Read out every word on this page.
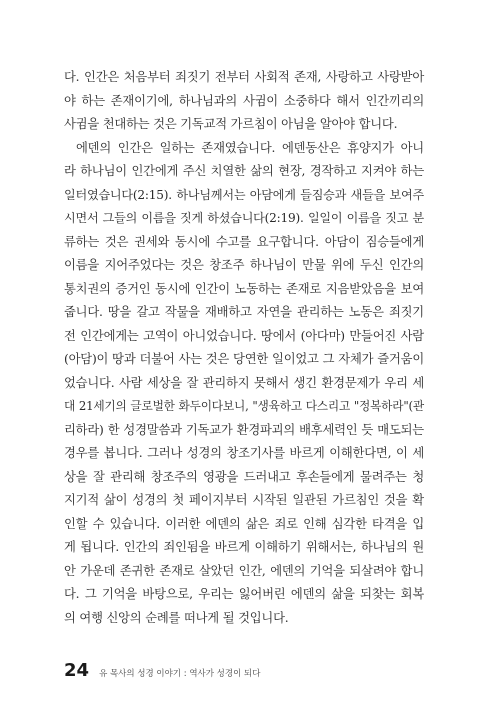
다. 인간은 처음부터 죄짓기 전부터 사회적 존재, 사랑하고 사랑받아
야 하는 존재이기에, 하나님과의 사귐이 소중하다 해서 인간끼리의
사귐을 천대하는 것은 기독교적 가르침이 아님을 알아야 합니다.
에덴의 인간은 일하는 존재였습니다. 에덴동산은 휴양지가 아니
라 하나님이 인간에게 주신 치열한 삶의 현장, 경작하고 지켜야 하는
일터였습니다(2:15). 하나님께서는 아담에게 들짐승과 새들을 보여주
시면서 그들의 이름을 짓게 하셨습니다(2:19). 일일이 이름을 짓고 분
류하는 것은 권세와 동시에 수고를 요구합니다. 아담이 짐승들에게
이름을 지어주었다는 것은 창조주 하나님이 만물 위에 두신 인간의
통치권의 증거인 동시에 인간이 노동하는 존재로 지음받았음을 보여
줍니다. 땅을 갈고 작물을 재배하고 자연을 관리하는 노동은 죄짓기
전 인간에게는 고역이 아니었습니다. 땅에서 (아다마) 만들어진 사람
(아담)이 땅과 더불어 사는 것은 당연한 일이었고 그 자체가 즐거움이
었습니다. 사람 세상을 잘 관리하지 못해서 생긴 환경문제가 우리 세
대 21세기의 글로벌한 화두이다보니, "생육하고 다스리고 "정복하라"(관
리하라) 한 성경말씀과 기독교가 환경파괴의 배후세력인 듯 매도되는
경우를 봅니다. 그러나 성경의 창조기사를 바르게 이해한다면, 이 세
상을 잘 관리해 창조주의 영광을 드러내고 후손들에게 물려주는 청
지기적 삶이 성경의 첫 페이지부터 시작된 일관된 가르침인 것을 확
인할 수 있습니다. 이러한 에덴의 삶은 죄로 인해 심각한 타격을 입
게 됩니다. 인간의 죄인됨을 바르게 이해하기 위해서는, 하나님의 원
안 가운데 존귀한 존재로 살았던 인간, 에덴의 기억을 되살려야 합니
다. 그 기억을 바탕으로, 우리는 잃어버린 에덴의 삶을 되찾는 회복
의 여행 신앙의 순례를 떠나게 될 것입니다.
24 유 목사의 성경 이야기 : 역사가 성경이 되다
